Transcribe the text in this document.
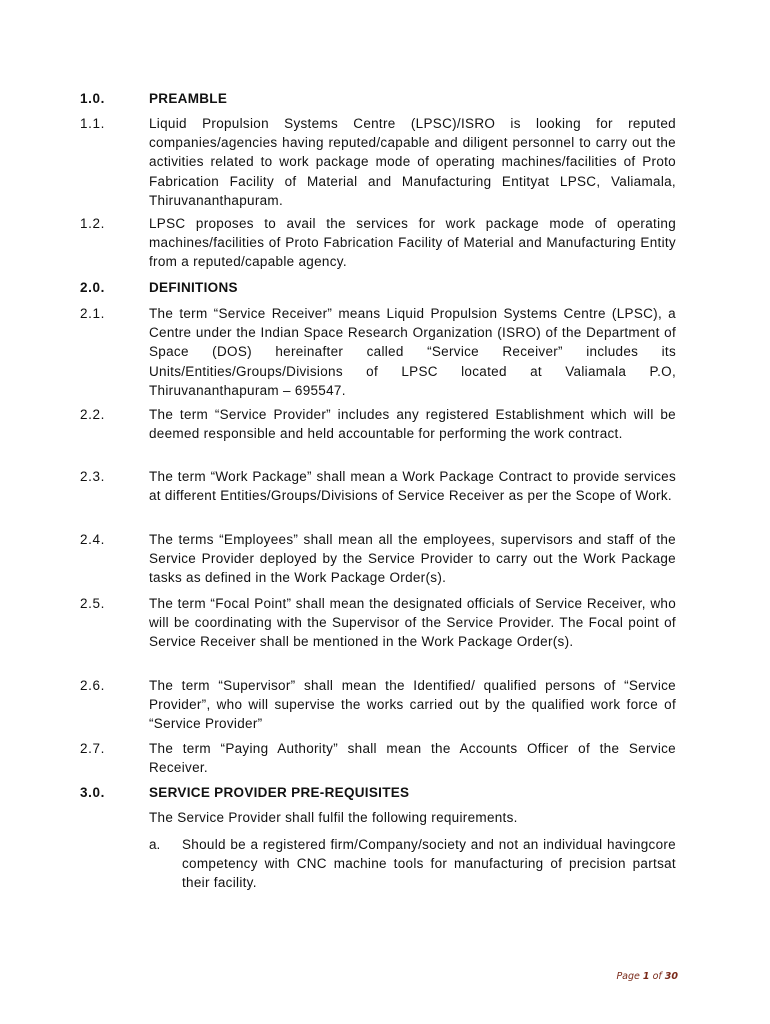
1.0.	PREAMBLE
1.1.	Liquid Propulsion Systems Centre (LPSC)/ISRO is looking for reputed companies/agencies having reputed/capable and diligent personnel to carry out the activities related to work package mode of operating machines/facilities of Proto Fabrication Facility of Material and Manufacturing Entityat LPSC, Valiamala, Thiruvananthapuram.
1.2.	LPSC proposes to avail the services for work package mode of operating machines/facilities of Proto Fabrication Facility of Material and Manufacturing Entity from a reputed/capable agency.
2.0.	DEFINITIONS
2.1.	The term “Service Receiver” means Liquid Propulsion Systems Centre (LPSC), a Centre under the Indian Space Research Organization (ISRO) of the Department of Space (DOS) hereinafter called “Service Receiver” includes its Units/Entities/Groups/Divisions of LPSC located at Valiamala P.O, Thiruvananthapuram – 695547.
2.2.	The term “Service Provider” includes any registered Establishment which will be deemed responsible and held accountable for performing the work contract.
2.3.	The term “Work Package” shall mean a Work Package Contract to provide services at different Entities/Groups/Divisions of Service Receiver as per the Scope of Work.
2.4.	The terms “Employees” shall mean all the employees, supervisors and staff of the Service Provider deployed by the Service Provider to carry out the Work Package tasks as defined in the Work Package Order(s).
2.5.	The term “Focal Point” shall mean the designated officials of Service Receiver, who will be coordinating with the Supervisor of the Service Provider. The Focal point of Service Receiver shall be mentioned in the Work Package Order(s).
2.6.	The term “Supervisor” shall mean the Identified/ qualified persons of “Service Provider”, who will supervise the works carried out by the qualified work force of “Service Provider”
2.7.	The term “Paying Authority” shall mean the Accounts Officer of the Service Receiver.
3.0.	SERVICE PROVIDER PRE-REQUISITES
The Service Provider shall fulfil the following requirements.
a. Should be a registered firm/Company/society and not an individual havingcore competency with CNC machine tools for manufacturing of precision partsat their facility.
Page 1 of 30
